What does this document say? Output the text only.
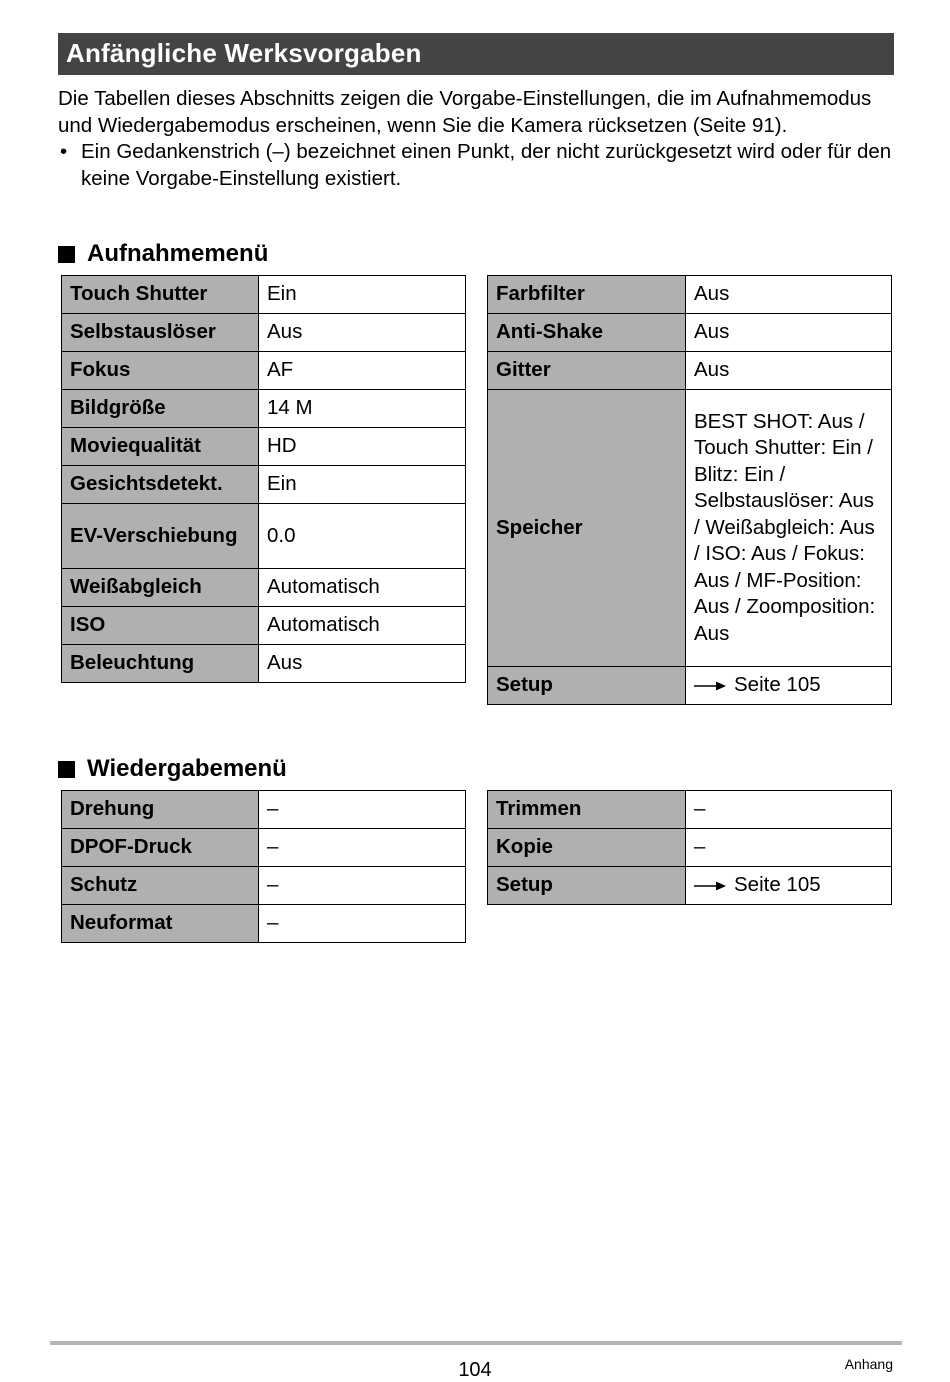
Anfängliche Werksvorgaben

Die Tabellen dieses Abschnitts zeigen die Vorgabe-Einstellungen, die im Aufnahmemodus und Wiedergabemodus erscheinen, wenn Sie die Kamera rücksetzen (Seite 91).

• Ein Gedankenstrich (–) bezeichnet einen Punkt, der nicht zurückgesetzt wird oder für den keine Vorgabe-Einstellung existiert.

Aufnahmemenü
Touch Shutter	Ein
Selbstauslöser	Aus
Fokus	AF
Bildgröße	14 M
Moviequalität	HD
Gesichtsdetekt.	Ein
EV-Verschiebung	0.0
Weißabgleich	Automatisch
ISO	Automatisch
Beleuchtung	Aus
Farbfilter	Aus
Anti-Shake	Aus
Gitter	Aus
Speicher	BEST SHOT: Aus / Touch Shutter: Ein / Blitz: Ein / Selbstauslöser: Aus / Weißabgleich: Aus / ISO: Aus / Fokus: Aus / MF-Position: Aus / Zoomposition: Aus
Setup	Seite 105
Wiedergabemenü
Drehung	–
DPOF-Druck	–
Schutz	–
Neuformat	–
Trimmen	–
Kopie	–
Setup	Seite 105
104	Anhang
